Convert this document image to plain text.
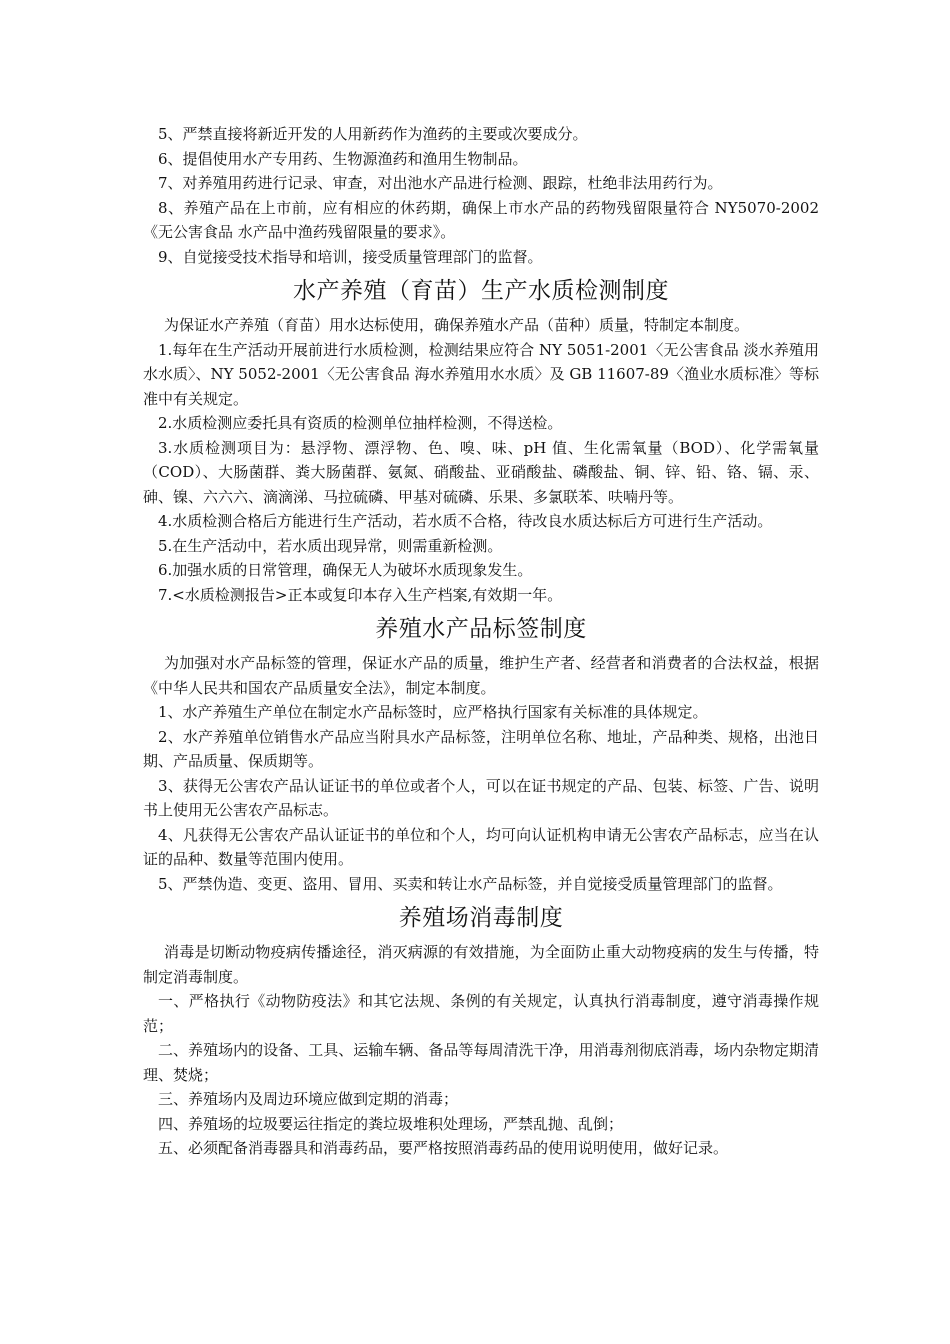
5、严禁直接将新近开发的人用新药作为渔药的主要或次要成分。

6、提倡使用水产专用药、生物源渔药和渔用生物制品。

7、对养殖用药进行记录、审查，对出池水产品进行检测、跟踪，杜绝非法用药行为。

8、养殖产品在上市前，应有相应的休药期，确保上市水产品的药物残留限量符合 NY5070-2002《无公害食品 水产品中渔药残留限量的要求》。

9、自觉接受技术指导和培训，接受质量管理部门的监督。

水产养殖（育苗）生产水质检测制度

为保证水产养殖（育苗）用水达标使用，确保养殖水产品（苗种）质量，特制定本制度。

1.每年在生产活动开展前进行水质检测，检测结果应符合 NY 5051-2001〈无公害食品 淡水养殖用水水质〉、NY 5052-2001〈无公害食品 海水养殖用水水质〉及 GB 11607-89〈渔业水质标准〉等标准中有关规定。

2.水质检测应委托具有资质的检测单位抽样检测，不得送检。

3.水质检测项目为：悬浮物、漂浮物、色、嗅、味、pH 值、生化需氧量（BOD）、化学需氧量（COD）、大肠菌群、粪大肠菌群、氨氮、硝酸盐、亚硝酸盐、磷酸盐、铜、锌、铅、铬、镉、汞、砷、镍、六六六、滴滴涕、马拉硫磷、甲基对硫磷、乐果、多氯联苯、呋喃丹等。

4.水质检测合格后方能进行生产活动，若水质不合格，待改良水质达标后方可进行生产活动。

5.在生产活动中，若水质出现异常，则需重新检测。

6.加强水质的日常管理，确保无人为破坏水质现象发生。

7.<水质检测报告>正本或复印本存入生产档案,有效期一年。

养殖水产品标签制度

为加强对水产品标签的管理，保证水产品的质量，维护生产者、经营者和消费者的合法权益，根据《中华人民共和国农产品质量安全法》，制定本制度。

1、水产养殖生产单位在制定水产品标签时，应严格执行国家有关标准的具体规定。

2、水产养殖单位销售水产品应当附具水产品标签，注明单位名称、地址，产品种类、规格，出池日期、产品质量、保质期等。

3、获得无公害农产品认证证书的单位或者个人，可以在证书规定的产品、包装、标签、广告、说明书上使用无公害农产品标志。

4、凡获得无公害农产品认证证书的单位和个人，均可向认证机构申请无公害农产品标志，应当在认证的品种、数量等范围内使用。

5、严禁伪造、变更、盗用、冒用、买卖和转让水产品标签，并自觉接受质量管理部门的监督。

养殖场消毒制度

消毒是切断动物疫病传播途径，消灭病源的有效措施，为全面防止重大动物疫病的发生与传播，特制定消毒制度。

一、严格执行《动物防疫法》和其它法规、条例的有关规定，认真执行消毒制度，遵守消毒操作规范；

二、养殖场内的设备、工具、运输车辆、备品等每周清洗干净，用消毒剂彻底消毒，场内杂物定期清理、焚烧；

三、养殖场内及周边环境应做到定期的消毒；

四、养殖场的垃圾要运往指定的粪垃圾堆积处理场，严禁乱抛、乱倒；

五、必须配备消毒器具和消毒药品，要严格按照消毒药品的使用说明使用，做好记录。
